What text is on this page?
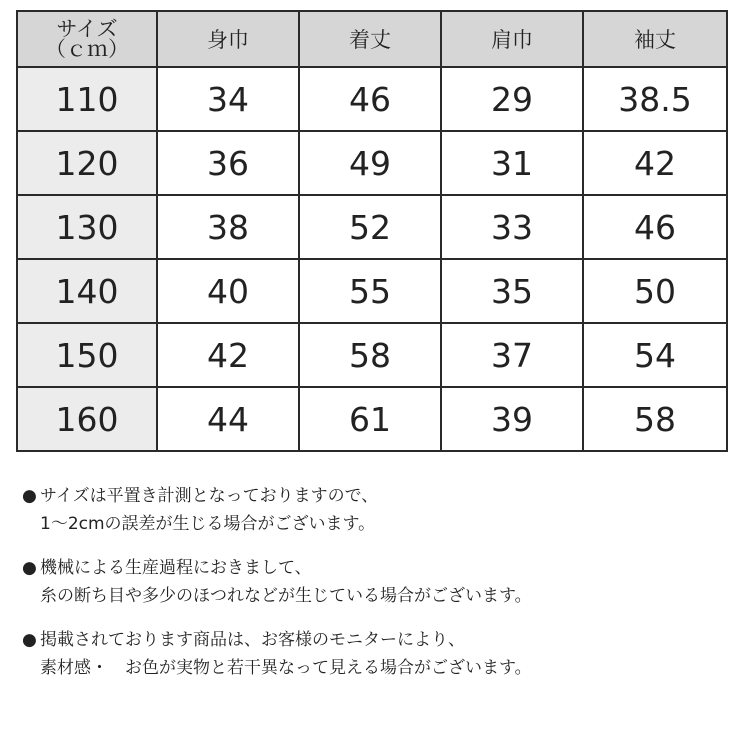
サイズ
（ｃｍ）	身巾	着丈	肩巾	袖丈
110	34	46	29	38.5
120	36	49	31	42
130	38	52	33	46
140	40	55	35	50
150	42	58	37	54
160	44	61	39	58
● サイズは平置き計測となっておりますので、
1〜2cmの誤差が生じる場合がございます。
● 機械による生産過程におきまして、
糸の断ち目や多少のほつれなどが生じている場合がございます。
● 掲載されております商品は、お客様のモニターにより、
素材感・　お色が実物と若干異なって見える場合がございます。
